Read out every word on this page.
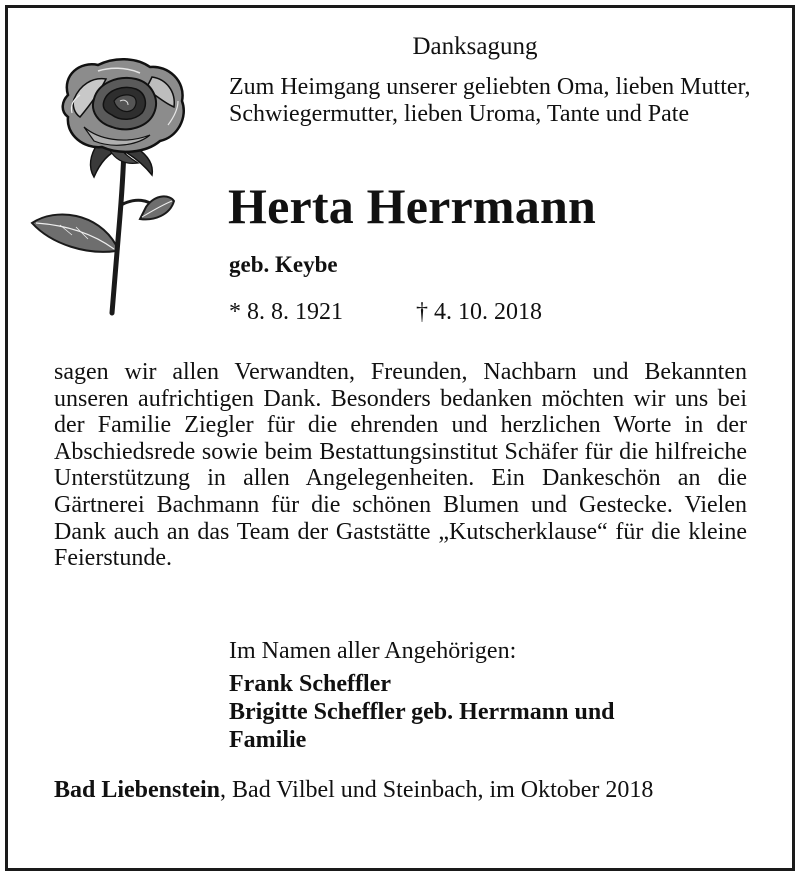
Danksagung
Zum Heimgang unserer geliebten Oma, lieben Mutter, Schwiegermutter, lieben Uroma, Tante und Pate
Herta Herrmann
geb. Keybe
* 8. 8. 1921	† 4. 10. 2018

sagen wir allen Verwandten, Freunden, Nachbarn und Bekannten unseren aufrichtigen Dank. Besonders bedanken möchten wir uns bei der Familie Ziegler für die ehrenden und herzlichen Worte in der Abschiedsrede sowie beim Bestattungsinstitut Schäfer für die hilfreiche Unterstützung in allen Angelegenheiten. Ein Dankeschön an die Gärtnerei Bachmann für die schönen Blumen und Gestecke. Vielen Dank auch an das Team der Gaststätte „Kutscherklause“ für die kleine Feierstunde.

Im Namen aller Angehörigen:
Frank Scheffler
Brigitte Scheffler geb. Herrmann und
Familie

Bad Liebenstein, Bad Vilbel und Steinbach, im Oktober 2018
